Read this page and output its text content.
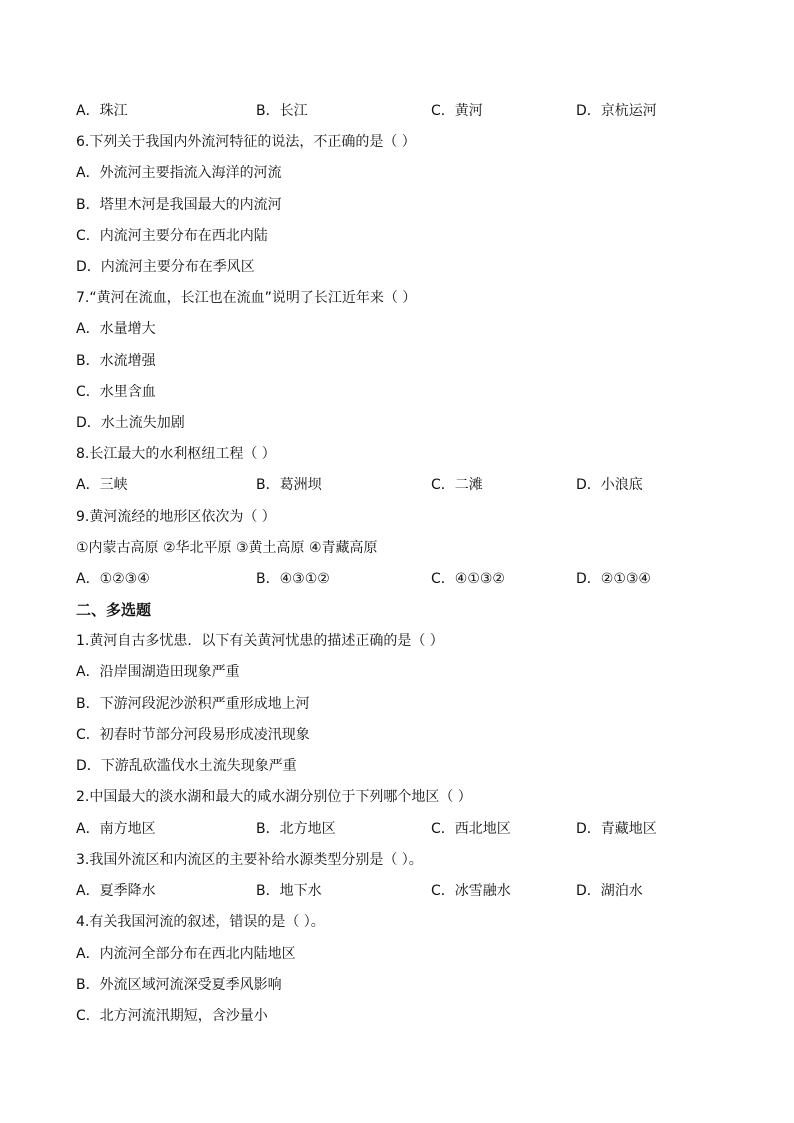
A．珠江	B．长江	C．黄河	D．京杭运河
6.下列关于我国内外流河特征的说法，不正确的是（ ）
A．外流河主要指流入海洋的河流
B．塔里木河是我国最大的内流河
C．内流河主要分布在西北内陆
D．内流河主要分布在季风区
7.“黄河在流血，长江也在流血”说明了长江近年来（ ）
A．水量增大
B．水流增强
C．水里含血
D．水土流失加剧
8.长江最大的水利枢纽工程（ ）
A．三峡	B．葛洲坝	C．二滩	D．小浪底
9.黄河流经的地形区依次为（ ）
①内蒙古高原 ②华北平原 ③黄土高原 ④青藏高原
A．①②③④	B．④③①②	C．④①③②	D．②①③④
二、多选题
1.黄河自古多忧患．以下有关黄河忧患的描述正确的是（ ）
A．沿岸围湖造田现象严重
B．下游河段泥沙淤积严重形成地上河
C．初春时节部分河段易形成凌汛现象
D．下游乱砍滥伐水土流失现象严重
2.中国最大的淡水湖和最大的咸水湖分别位于下列哪个地区（ ）
A．南方地区	B．北方地区	C．西北地区	D．青藏地区
3.我国外流区和内流区的主要补给水源类型分别是（ ）。
A．夏季降水	B．地下水	C．冰雪融水	D．湖泊水
4.有关我国河流的叙述，错误的是（ ）。
A．内流河全部分布在西北内陆地区
B．外流区域河流深受夏季风影响
C．北方河流汛期短，含沙量小
